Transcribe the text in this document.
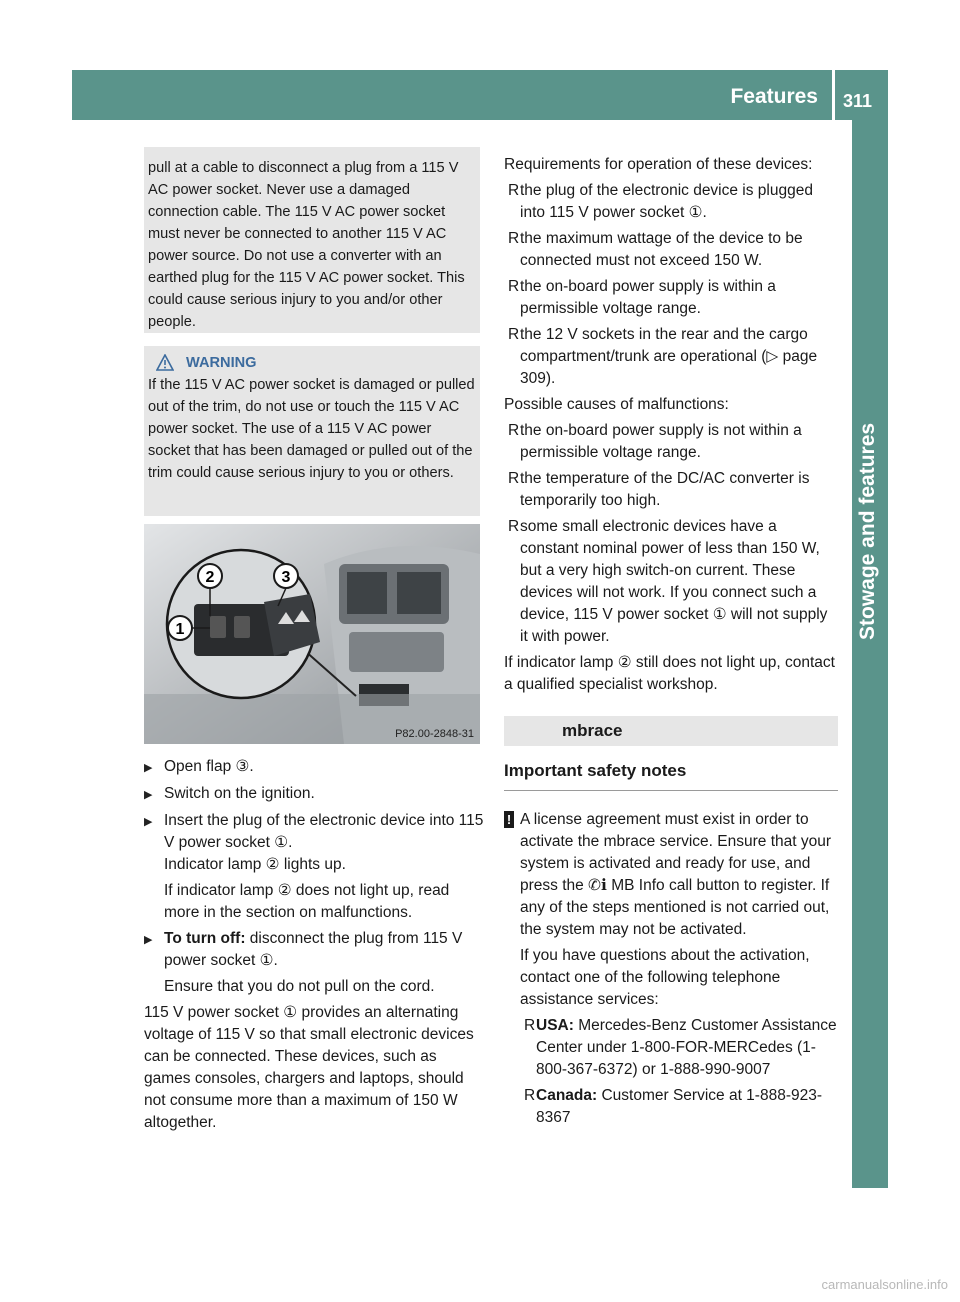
Features 311
Stowage and features

pull at a cable to disconnect a plug from a 115 V AC power socket. Never use a damaged connection cable. The 115 V AC power socket must never be connected to another 115 V AC power source. Do not use a converter with an earthed plug for the 115 V AC power socket. This could cause serious injury to you and/or other people.

WARNING

If the 115 V AC power socket is damaged or pulled out of the trim, do not use or touch the 115 V AC power socket. The use of a 115 V AC power socket that has been damaged or pulled out of the trim could cause serious injury to you or others.

2	3
1
P82.00-2848-31
▶ Open flap ③.
▶ Switch on the ignition.
▶ Insert the plug of the electronic device into 115 V power socket ①.

Indicator lamp ② lights up.

If indicator lamp ② does not light up, read more in the section on malfunctions.

▶ To turn off: disconnect the plug from 115 V power socket ①.

Ensure that you do not pull on the cord.

115 V power socket ① provides an alternating voltage of 115 V so that small electronic devices can be connected. These devices, such as games consoles, chargers and laptops, should not consume more than a maximum of 150 W altogether.

Requirements for operation of these devices:

R the plug of the electronic device is plugged into 115 V power socket ①.
R the maximum wattage of the device to be connected must not exceed 150 W.
R the on-board power supply is within a permissible voltage range.
R the 12 V sockets in the rear and the cargo compartment/trunk are operational (▷ page 309).

Possible causes of malfunctions:

R the on-board power supply is not within a permissible voltage range.
R the temperature of the DC/AC converter is temporarily too high.
R some small electronic devices have a constant nominal power of less than 150 W, but a very high switch-on current. These devices will not work. If you connect such a device, 115 V power socket ① will not supply it with power.

If indicator lamp ② still does not light up, contact a qualified specialist workshop.

mbrace
Important safety notes
! A license agreement must exist in order to activate the mbrace service. Ensure that your system is activated and ready for use, and press the ✆ℹ MB Info call button to register. If any of the steps mentioned is not carried out, the system may not be activated.

If you have questions about the activation, contact one of the following telephone assistance services:

R USA: Mercedes-Benz Customer Assistance Center under 1-800-FOR-MERCedes (1-800-367-6372) or 1-888-990-9007
R Canada: Customer Service at 1-888-923-8367
carmanualsonline.info
